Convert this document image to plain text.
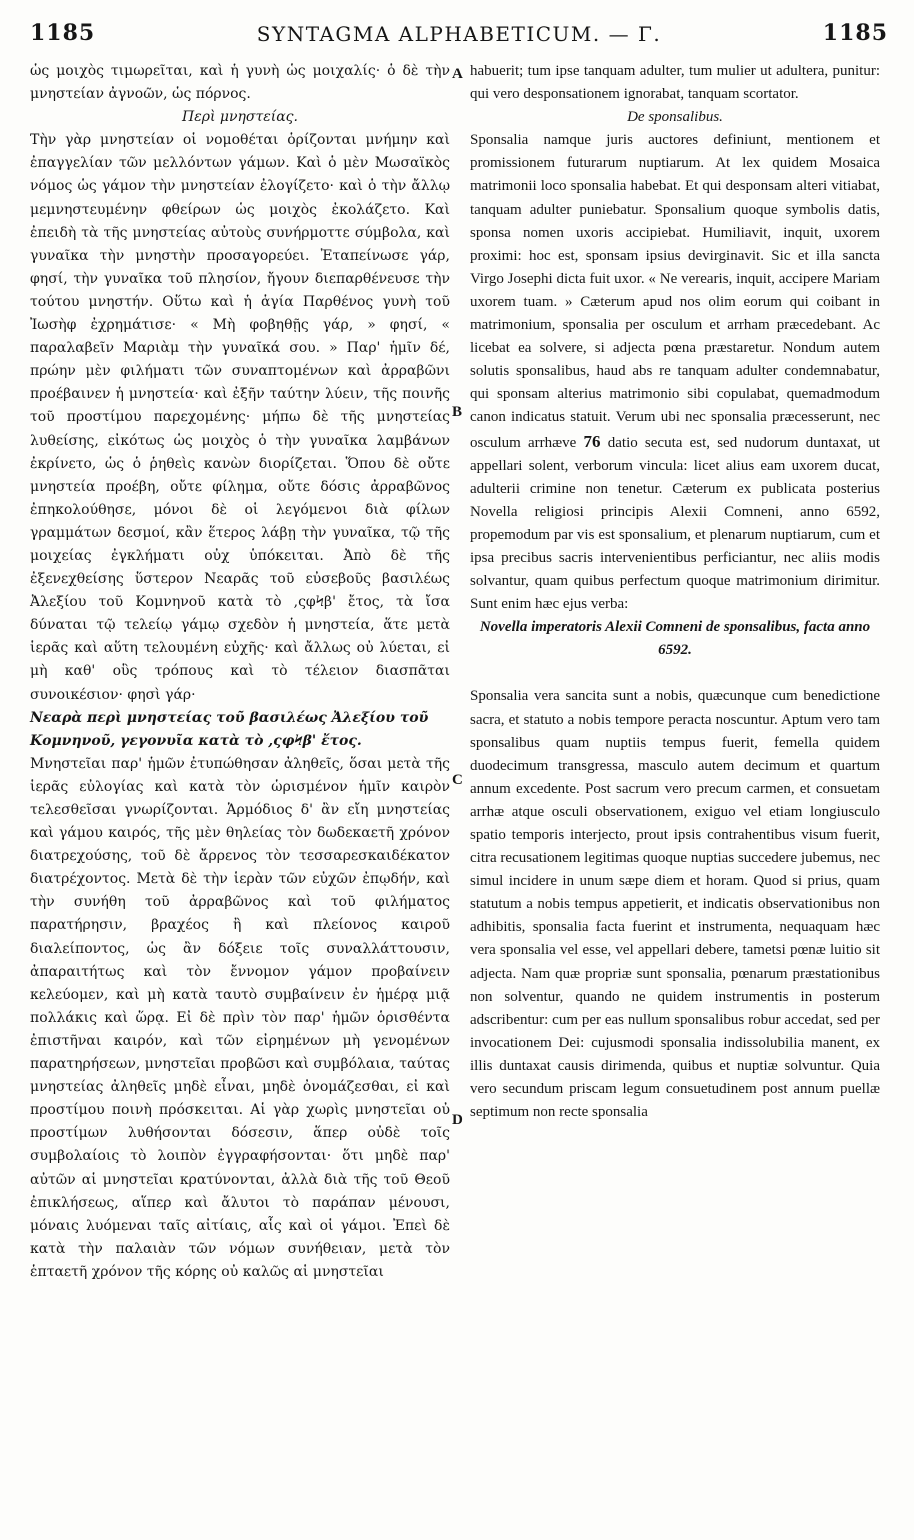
1185	SYNTAGMA ALPHABETICUM. — Γ.	1185

ὡς μοιχὸς τιμωρεῖται, καὶ ἡ γυνὴ ὡς μοιχαλίς· ὁ δὲ τὴν μνηστείαν ἀγνοῶν, ὡς πόρνος.

Περὶ μνηστείας.

Τὴν γὰρ μνηστείαν οἱ νομοθέται ὁρίζονται μνήμην καὶ ἐπαγγελίαν τῶν μελλόντων γάμων. Καὶ ὁ μὲν Μωσαϊκὸς νόμος ὡς γάμον τὴν μνηστείαν ἐλογίζετο· καὶ ὁ τὴν ἄλλῳ μεμνηστευμένην φθείρων ὡς μοιχὸς ἐκολάζετο. Καὶ ἐπειδὴ τὰ τῆς μνηστείας αὐτοὺς συνήρμοττε σύμβολα, καὶ γυναῖκα τὴν μνηστὴν προσαγορεύει. Ἐταπείνωσε γάρ, φησί, τὴν γυναῖκα τοῦ πλησίον, ἤγουν διεπαρθένευσε τὴν τούτου μνηστήν. Οὕτω καὶ ἡ ἁγία Παρθένος γυνὴ τοῦ Ἰωσὴφ ἐχρημάτισε· « Μὴ φοβηθῇς γάρ, » φησί, « παραλαβεῖν Μαριὰμ τὴν γυναῖκά σου. » Παρ' ἡμῖν δέ, πρώην μὲν φιλήματι τῶν συναπτομένων καὶ ἀρραβῶνι προέβαινεν ἡ μνηστεία· καὶ ἐξῆν ταύτην λύειν, τῆς ποινῆς τοῦ προστίμου παρεχομένης· μήπω δὲ τῆς μνηστείας λυθείσης, εἰκότως ὡς μοιχὸς ὁ τὴν γυναῖκα λαμβάνων ἐκρίνετο, ὡς ὁ ῥηθεὶς κανὼν διορίζεται. Ὅπου δὲ οὔτε μνηστεία προέβη, οὔτε φίλημα, οὔτε δόσις ἀρραβῶνος ἐπηκολούθησε, μόνοι δὲ οἱ λεγόμενοι διὰ φίλων γραμμάτων δεσμοί, κἂν ἕτερος λάβῃ τὴν γυναῖκα, τῷ τῆς μοιχείας ἐγκλήματι οὐχ ὑπόκειται. Ἀπὸ δὲ τῆς ἐξενεχθείσης ὕστερον Νεαρᾶς τοῦ εὐσεβοῦς βασιλέως Ἀλεξίου τοῦ Κομνηνοῦ κατὰ τὸ ,ςφϞβ' ἔτος, τὰ ἴσα δύναται τῷ τελείῳ γάμῳ σχεδὸν ἡ μνηστεία, ἅτε μετὰ ἱερᾶς καὶ αὕτη τελουμένη εὐχῆς· καὶ ἄλλως οὐ λύεται, εἰ μὴ καθ' οὓς τρόπους καὶ τὸ τέλειον διασπᾶται συνοικέσιον· φησὶ γάρ·

Νεαρὰ περὶ μνηστείας τοῦ βασιλέως Ἀλεξίου τοῦ Κομνηνοῦ, γεγονυῖα κατὰ τὸ ,ςφϞβ' ἔτος.

Μνηστεῖαι παρ' ἡμῶν ἐτυπώθησαν ἀληθεῖς, ὅσαι μετὰ τῆς ἱερᾶς εὐλογίας καὶ κατὰ τὸν ὡρισμένον ἡμῖν καιρὸν τελεσθεῖσαι γνωρίζονται. Ἁρμόδιος δ' ἂν εἴη μνηστείας καὶ γάμου καιρός, τῆς μὲν θηλείας τὸν δωδεκαετῆ χρόνον διατρεχούσης, τοῦ δὲ ἄρρενος τὸν τεσσαρεσκαιδέκατον διατρέχοντος. Μετὰ δὲ τὴν ἱερὰν τῶν εὐχῶν ἐπῳδήν, καὶ τὴν συνήθη τοῦ ἀρραβῶνος καὶ τοῦ φιλήματος παρατήρησιν, βραχέος ἢ καὶ πλείονος καιροῦ διαλείποντος, ὡς ἂν δόξειε τοῖς συναλλάττουσιν, ἀπαραιτήτως καὶ τὸν ἔννομον γάμον προβαίνειν κελεύομεν, καὶ μὴ κατὰ ταυτὸ συμβαίνειν ἐν ἡμέρᾳ μιᾷ πολλάκις καὶ ὥρᾳ. Εἰ δὲ πρὶν τὸν παρ' ἡμῶν ὁρισθέντα ἐπιστῆναι καιρόν, καὶ τῶν εἰρημένων μὴ γενομένων παρατηρήσεων, μνηστεῖαι προβῶσι καὶ συμβόλαια, ταύτας μνηστείας ἀληθεῖς μηδὲ εἶναι, μηδὲ ὀνομάζεσθαι, εἰ καὶ προστίμου ποινὴ πρόσκειται. Αἱ γὰρ χωρὶς μνηστεῖαι οὐ προστίμων λυθήσονται δόσεσιν, ἅπερ οὐδὲ τοῖς συμβολαίοις τὸ λοιπὸν ἐγγραφήσονται· ὅτι μηδὲ παρ' αὐτῶν αἱ μνηστεῖαι κρατύνονται, ἀλλὰ διὰ τῆς τοῦ Θεοῦ ἐπικλήσεως, αἵπερ καὶ ἄλυτοι τὸ παράπαν μένουσι, μόναις λυόμεναι ταῖς αἰτίαις, αἷς καὶ οἱ γάμοι. Ἐπεὶ δὲ κατὰ τὴν παλαιὰν τῶν νόμων συνήθειαν, μετὰ τὸν ἑπταετῆ χρόνον τῆς κόρης οὐ καλῶς αἱ μνηστεῖαι

A
B
C
D

habuerit; tum ipse tanquam adulter, tum mulier ut adultera, punitur: qui vero desponsationem ignorabat, tanquam scortator.

De sponsalibus.

Sponsalia namque juris auctores definiunt, mentionem et promissionem futurarum nuptiarum. At lex quidem Mosaica matrimonii loco sponsalia habebat. Et qui desponsam alteri vitiabat, tanquam adulter puniebatur. Sponsalium quoque symbolis datis, sponsa nomen uxoris accipiebat. Humiliavit, inquit, uxorem proximi: hoc est, sponsam ipsius devirginavit. Sic et illa sancta Virgo Josephi dicta fuit uxor. « Ne verearis, inquit, accipere Mariam uxorem tuam. » Cæterum apud nos olim eorum qui coibant in matrimonium, sponsalia per osculum et arrham præcedebant. Ac licebat ea solvere, si adjecta pœna præstaretur. Nondum autem solutis sponsalibus, haud abs re tanquam adulter condemnabatur, qui sponsam alterius matrimonio sibi copulabat, quemadmodum canon indicatus statuit. Verum ubi nec sponsalia præcesserunt, nec osculum arrhæve 76 datio secuta est, sed nudorum duntaxat, ut appellari solent, verborum vincula: licet alius eam uxorem ducat, adulterii crimine non tenetur. Cæterum ex publicata posterius Novella religiosi principis Alexii Comneni, anno 6592, propemodum par vis est sponsalium, et plenarum nuptiarum, cum et ipsa precibus sacris intervenientibus perficiantur, nec aliis modis solvantur, quam quibus perfectum quoque matrimonium dirimitur. Sunt enim hæc ejus verba:

Novella imperatoris Alexii Comneni de sponsalibus, facta anno 6592.

Sponsalia vera sancita sunt a nobis, quæcunque cum benedictione sacra, et statuto a nobis tempore peracta noscuntur. Aptum vero tam sponsalibus quam nuptiis tempus fuerit, femella quidem duodecimum transgressa, masculo autem decimum et quartum annum excedente. Post sacrum vero precum carmen, et consuetam arrhæ atque osculi observationem, exiguo vel etiam longiusculo spatio temporis interjecto, prout ipsis contrahentibus visum fuerit, citra recusationem legitimas quoque nuptias succedere jubemus, nec simul incidere in unum sæpe diem et horam. Quod si prius, quam statutum a nobis tempus appetierit, et indicatis observationibus non adhibitis, sponsalia facta fuerint et instrumenta, nequaquam hæc vera sponsalia vel esse, vel appellari debere, tametsi pœnæ luitio sit adjecta. Nam quæ propriæ sunt sponsalia, pœnarum præstationibus non solventur, quando ne quidem instrumentis in posterum adscribentur: cum per eas nullum sponsalibus robur accedat, sed per invocationem Dei: cujusmodi sponsalia indissolubilia manent, ex illis duntaxat causis dirimenda, quibus et nuptiæ solvuntur. Quia vero secundum priscam legum consuetudinem post annum puellæ septimum non recte sponsalia
